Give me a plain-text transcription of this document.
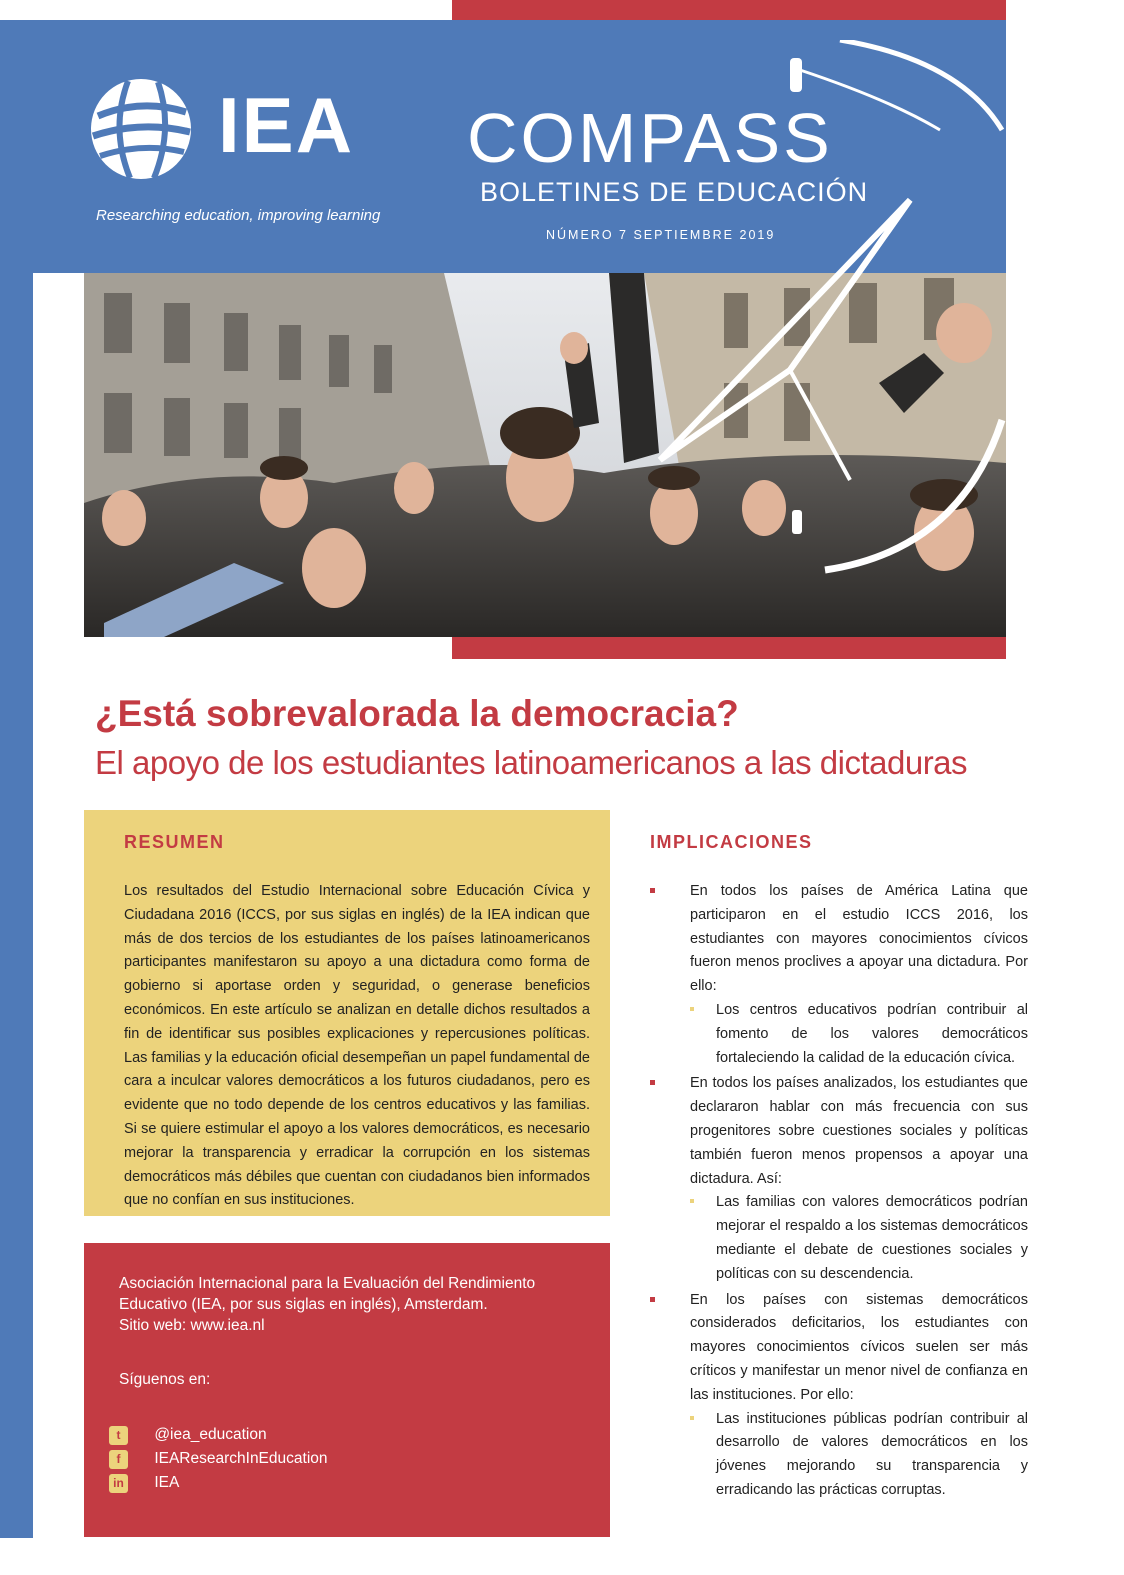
IEA
Researching education, improving learning
COMPASS
BOLETINES DE EDUCACIÓN
NÚMERO 7 SEPTIEMBRE 2019
¿Está sobrevalorada la democracia?
El apoyo de los estudiantes latinoamericanos a las dictaduras
RESUMEN
Los resultados del Estudio Internacional sobre Educación Cívica y Ciudadana 2016 (ICCS, por sus siglas en inglés) de la IEA indican que más de dos tercios de los estudiantes de los países latinoamericanos participantes manifestaron su apoyo a una dictadura como forma de gobierno si aportase orden y seguridad, o generase beneficios económicos. En este artículo se analizan en detalle dichos resultados a fin de identificar sus posibles explicaciones y repercusiones políticas. Las familias y la educación oficial desempeñan un papel fundamental de cara a inculcar valores democráticos a los futuros ciudadanos, pero es evidente que no todo depende de los centros educativos y las familias. Si se quiere estimular el apoyo a los valores democráticos, es necesario mejorar la transparencia y erradicar la corrupción en los sistemas democráticos más débiles que cuentan con ciudadanos bien informados que no confían en sus instituciones.
Asociación Internacional para la Evaluación del Rendimiento
Educativo (IEA, por sus siglas en inglés), Amsterdam.
Sitio web: www.iea.nl
Síguenos en:
t @iea_education
f IEAResearchInEducation
in IEA
IMPLICACIONES
En todos los países de América Latina que participaron en el estudio ICCS 2016, los estudiantes con mayores conocimientos cívicos fueron menos proclives a apoyar una dictadura. Por ello:
Los centros educativos podrían contribuir al fomento de los valores democráticos fortaleciendo la calidad de la educación cívica.
En todos los países analizados, los estudiantes que declararon hablar con más frecuencia con sus progenitores sobre cuestiones sociales y políticas también fueron menos propensos a apoyar una dictadura. Así:
Las familias con valores democráticos podrían mejorar el respaldo a los sistemas democráticos mediante el debate de cuestiones sociales y políticas con su descendencia.
En los países con sistemas democráticos considerados deficitarios, los estudiantes con mayores conocimientos cívicos suelen ser más críticos y manifestar un menor nivel de confianza en las instituciones. Por ello:
Las instituciones públicas podrían contribuir al desarrollo de valores democráticos en los jóvenes mejorando su transparencia y erradicando las prácticas corruptas.
